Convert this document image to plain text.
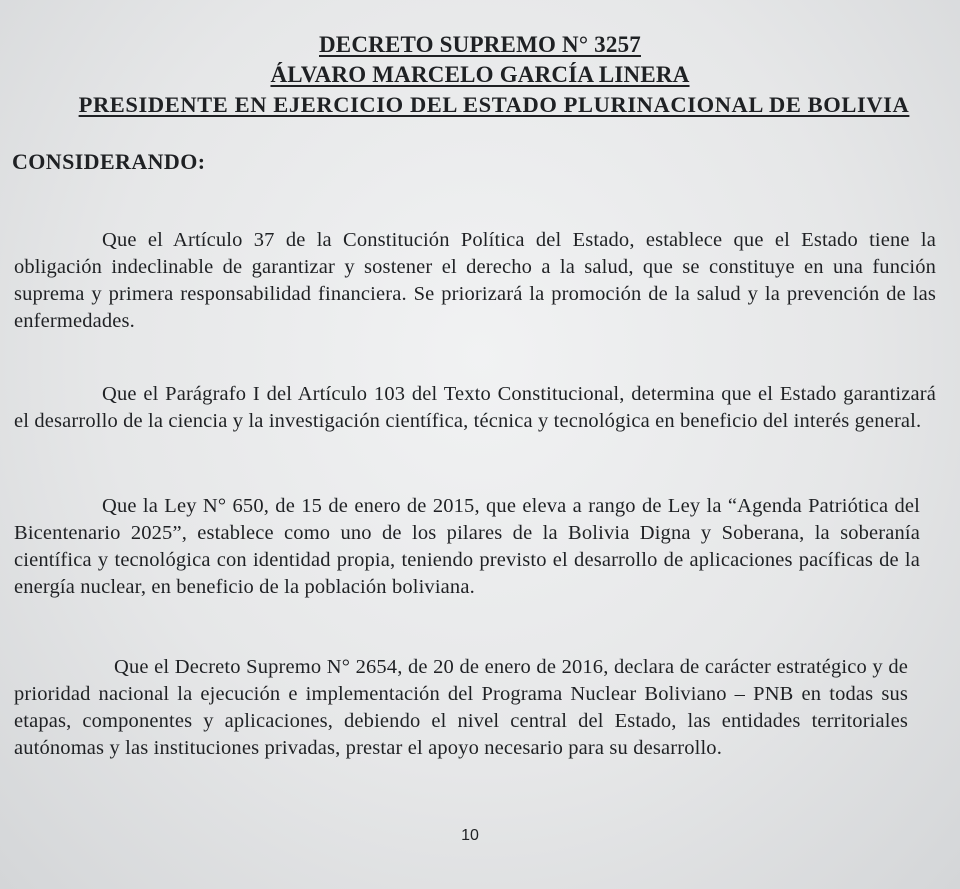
DECRETO SUPREMO N° 3257
ÁLVARO MARCELO GARCÍA LINERA
PRESIDENTE EN EJERCICIO DEL ESTADO PLURINACIONAL DE BOLIVIA
CONSIDERANDO:

Que el Artículo 37 de la Constitución Política del Estado, establece que el Estado tiene la obligación indeclinable de garantizar y sostener el derecho a la salud, que se constituye en una función suprema y primera responsabilidad financiera. Se priorizará la promoción de la salud y la prevención de las enfermedades.

Que el Parágrafo I del Artículo 103 del Texto Constitucional, determina que el Estado garantizará el desarrollo de la ciencia y la investigación científica, técnica y tecnológica en beneficio del interés general.

Que la Ley N° 650, de 15 de enero de 2015, que eleva a rango de Ley la “Agenda Patriótica del Bicentenario 2025”, establece como uno de los pilares de la Bolivia Digna y Soberana, la soberanía científica y tecnológica con identidad propia, teniendo previsto el desarrollo de aplicaciones pacíficas de la energía nuclear, en beneficio de la población boliviana.

Que el Decreto Supremo N° 2654, de 20 de enero de 2016, declara de carácter estratégico y de prioridad nacional la ejecución e implementación del Programa Nuclear Boliviano – PNB en todas sus etapas, componentes y aplicaciones, debiendo el nivel central del Estado, las entidades territoriales autónomas y las instituciones privadas, prestar el apoyo necesario para su desarrollo.

10
